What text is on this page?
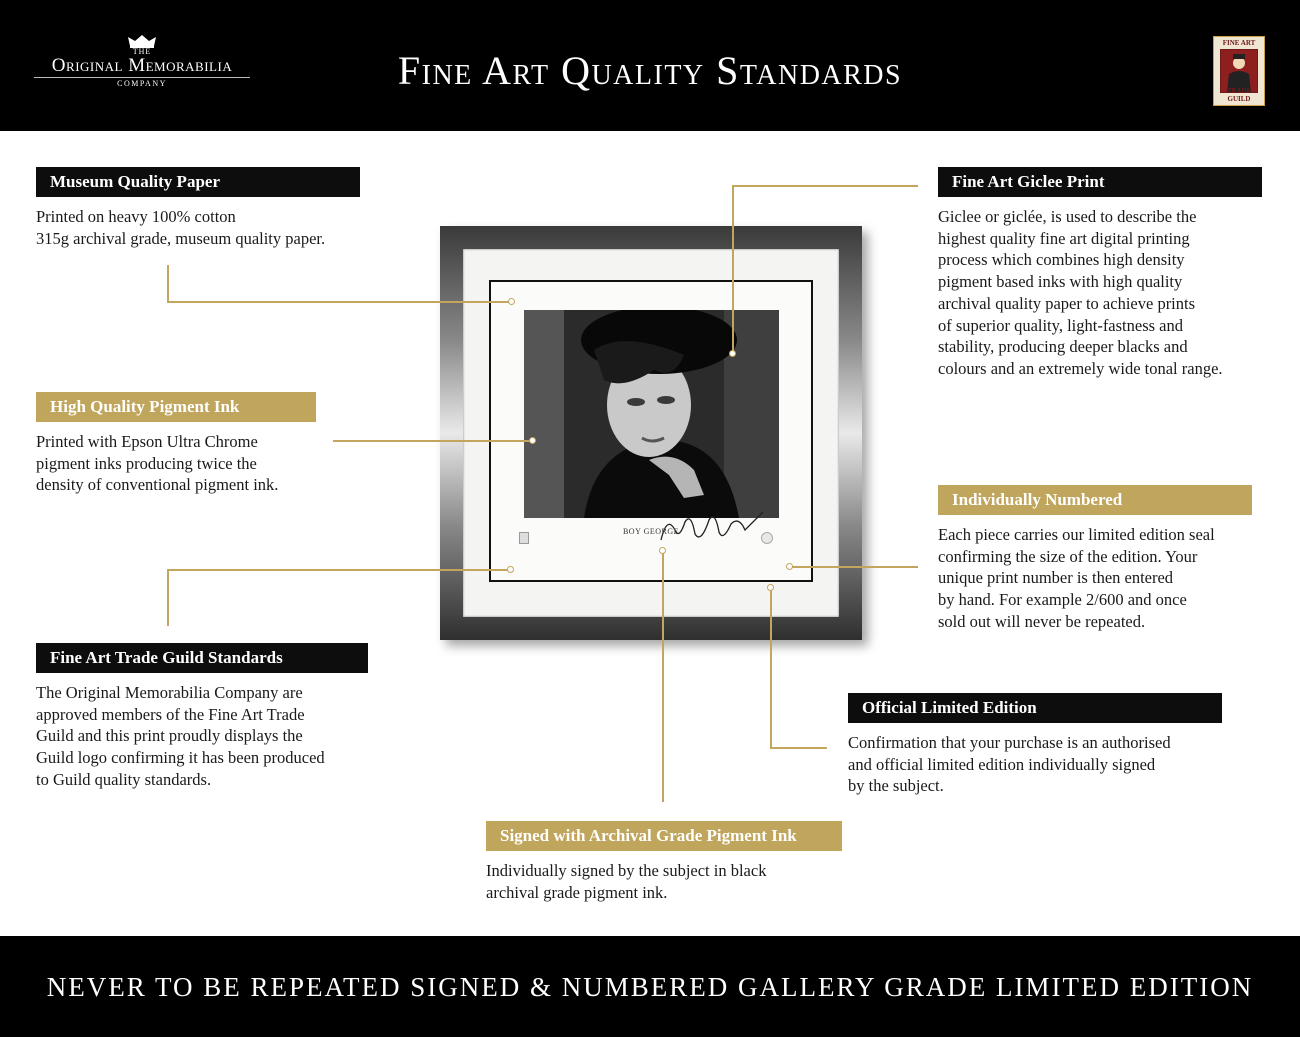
THE
Original Memorabilia
COMPANY	Fine Art Quality Standards
FINE ART
TRADE GUILD
Museum Quality Paper
Printed on heavy 100% cotton
315g archival grade, museum quality paper.
High Quality Pigment Ink
Printed with Epson Ultra Chrome
pigment inks producing twice the
density of conventional pigment ink.
Fine Art Trade Guild Standards
The Original Memorabilia Company are
approved members of the Fine Art Trade
Guild and this print proudly displays the
Guild logo confirming it has been produced
to Guild quality standards.
Fine Art Giclee Print
Giclee or giclée, is used to describe the
highest quality fine art digital printing
process which combines high density
pigment based inks with high quality
archival quality paper to achieve prints
of superior quality, light-fastness and
stability, producing deeper blacks and
colours and an extremely wide tonal range.
Individually Numbered
Each piece carries our limited edition seal
confirming the size of the edition. Your
unique print number is then entered
by hand. For example 2/600 and once
sold out will never be repeated.
Official Limited Edition
Confirmation that your purchase is an authorised
and official limited edition individually signed
by the subject.
Signed with Archival Grade Pigment Ink
Individually signed by the subject in black
archival grade pigment ink.
BOY GEORGE
NEVER TO BE REPEATED SIGNED & NUMBERED GALLERY GRADE LIMITED EDITION
